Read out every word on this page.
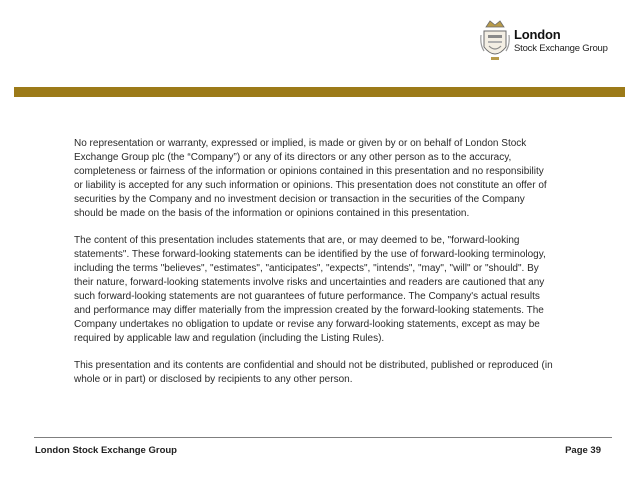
London
Stock Exchange Group

No representation or warranty, expressed or implied, is made or given by or on behalf of London Stock Exchange Group plc (the “Company”) or any of its directors or any other person as to the accuracy, completeness or fairness of the information or opinions contained in this presentation and no responsibility or liability is accepted for any such information or opinions. This presentation does not constitute an offer of securities by the Company and no investment decision or transaction in the securities of the Company should be made on the basis of the information or opinions contained in this presentation.

The content of this presentation includes statements that are, or may deemed to be, "forward-looking statements". These forward-looking statements can be identified by the use of forward-looking terminology, including the terms "believes", "estimates", "anticipates", "expects", "intends", "may", "will" or "should". By their nature, forward-looking statements involve risks and uncertainties and readers are cautioned that any such forward-looking statements are not guarantees of future performance. The Company's actual results and performance may differ materially from the impression created by the forward-looking statements. The Company undertakes no obligation to update or revise any forward-looking statements, except as may be required by applicable law and regulation (including the Listing Rules).

This presentation and its contents are confidential and should not be distributed, published or reproduced (in whole or in part) or disclosed by recipients to any other person.

London Stock Exchange Group	Page 39
